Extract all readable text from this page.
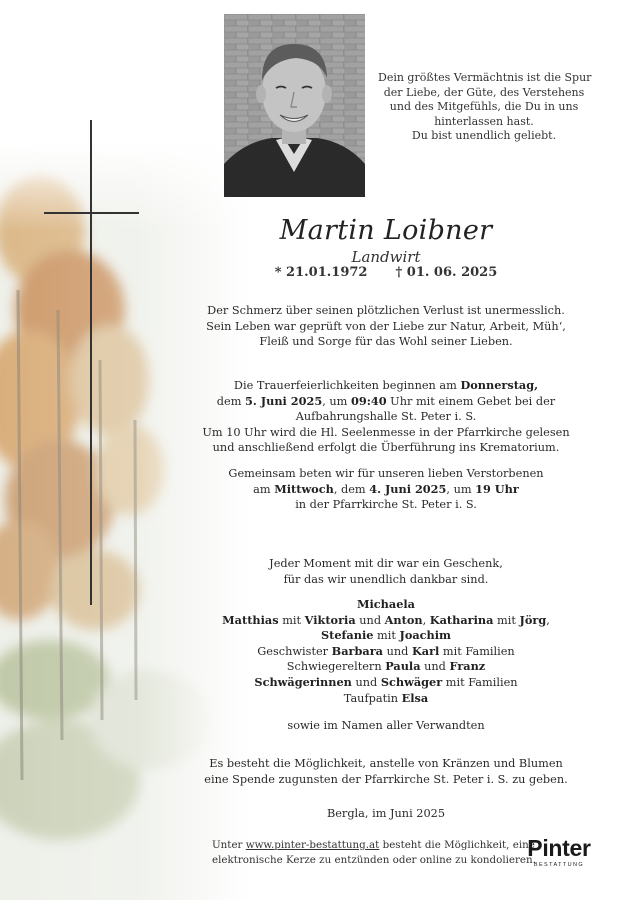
Dein größtes Vermächtnis ist die Spur
der Liebe, der Güte, des Verstehens
und des Mitgefühls, die Du in uns
hinterlassen hast.
Du bist unendlich geliebt.
Martin Loibner
Landwirt
* 21.01.1972 † 01. 06. 2025
Der Schmerz über seinen plötzlichen Verlust ist unermesslich.
Sein Leben war geprüft von der Liebe zur Natur, Arbeit, Müh‘,
Fleiß und Sorge für das Wohl seiner Lieben.
Die Trauerfeierlichkeiten beginnen am Donnerstag,
dem 5. Juni 2025, um 09:40 Uhr mit einem Gebet bei der
Aufbahrungshalle St. Peter i. S.
Um 10 Uhr wird die Hl. Seelenmesse in der Pfarrkirche gelesen
und anschließend erfolgt die Überführung ins Krematorium.
Gemeinsam beten wir für unseren lieben Verstorbenen
am Mittwoch, dem 4. Juni 2025, um 19 Uhr
in der Pfarrkirche St. Peter i. S.
Jeder Moment mit dir war ein Geschenk,
für das wir unendlich dankbar sind.
Michaela
Matthias mit Viktoria und Anton, Katharina mit Jörg,
Stefanie mit Joachim
Geschwister Barbara und Karl mit Familien
Schwiegereltern Paula und Franz
Schwägerinnen und Schwäger mit Familien
Taufpatin Elsa
sowie im Namen aller Verwandten
Es besteht die Möglichkeit, anstelle von Kränzen und Blumen
eine Spende zugunsten der Pfarrkirche St. Peter i. S. zu geben.
Bergla, im Juni 2025
Unter www.pinter-bestattung.at besteht die Möglichkeit, eine
elektronische Kerze zu entzünden oder online zu kondolieren.
Pinter
BESTATTUNG
